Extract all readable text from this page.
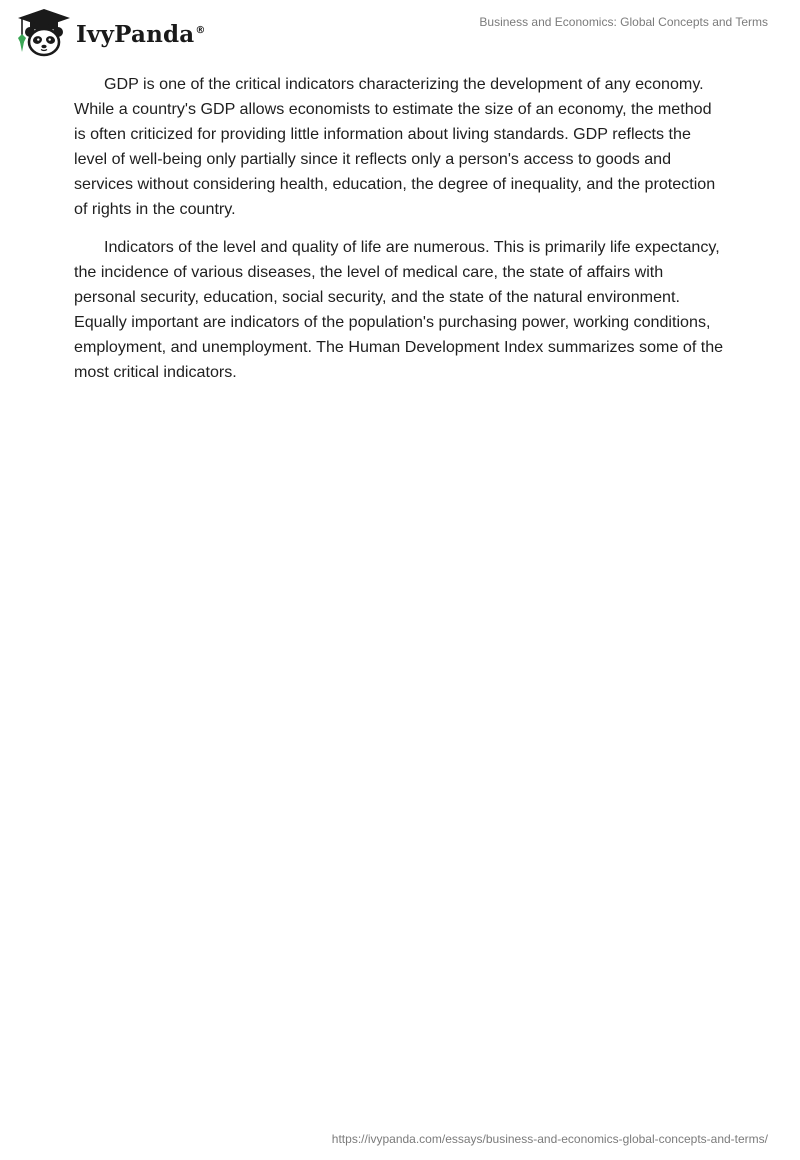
IvyPanda®
Business and Economics: Global Concepts and Terms

GDP is one of the critical indicators characterizing the development of any economy. While a country's GDP allows economists to estimate the size of an economy, the method is often criticized for providing little information about living standards. GDP reflects the level of well-being only partially since it reflects only a person's access to goods and services without considering health, education, the degree of inequality, and the protection of rights in the country.

Indicators of the level and quality of life are numerous. This is primarily life expectancy, the incidence of various diseases, the level of medical care, the state of affairs with personal security, education, social security, and the state of the natural environment. Equally important are indicators of the population's purchasing power, working conditions, employment, and unemployment. The Human Development Index summarizes some of the most critical indicators.

https://ivypanda.com/essays/business-and-economics-global-concepts-and-terms/
